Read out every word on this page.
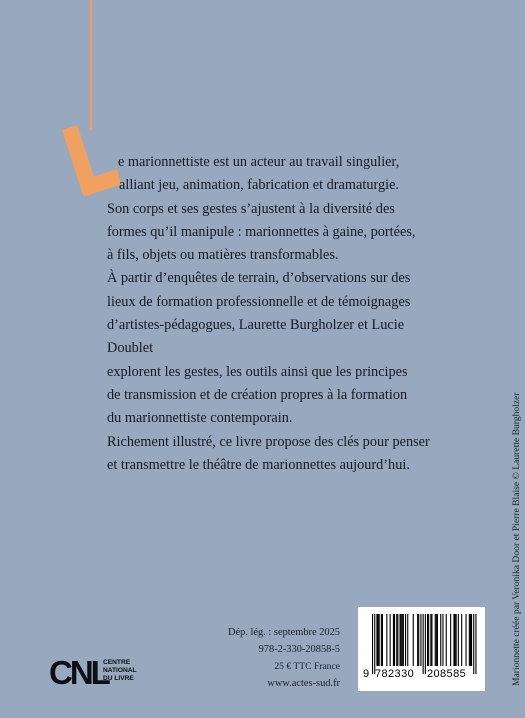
L

e marionnettiste est un acteur au travail singulier,
alliant jeu, animation, fabrication et dramaturgie.
Son corps et ses gestes s’ajustent à la diversité des
formes qu’il manipule : marionnettes à gaine, portées,
à fils, objets ou matières transformables.

À partir d’enquêtes de terrain, d’observations sur des
lieux de formation professionnelle et de témoignages
d’artistes-pédagogues, Laurette Burgholzer et Lucie Doublet
explorent les gestes, les outils ainsi que les principes
de transmission et de création propres à la formation
du marionnettiste contemporain.

Richement illustré, ce livre propose des clés pour penser
et transmettre le théâtre de marionnettes aujourd’hui.	Marionnette créée par Veronika Door et Pierre Blaise © Laurette Burgholzer
CNL
CENTRE
NATIONAL
DU LIVRE
Dép. lég. : septembre 2025
978-2-330-20858-5
25 € TTC France
www.actes-sud.fr
9 782330 208585
